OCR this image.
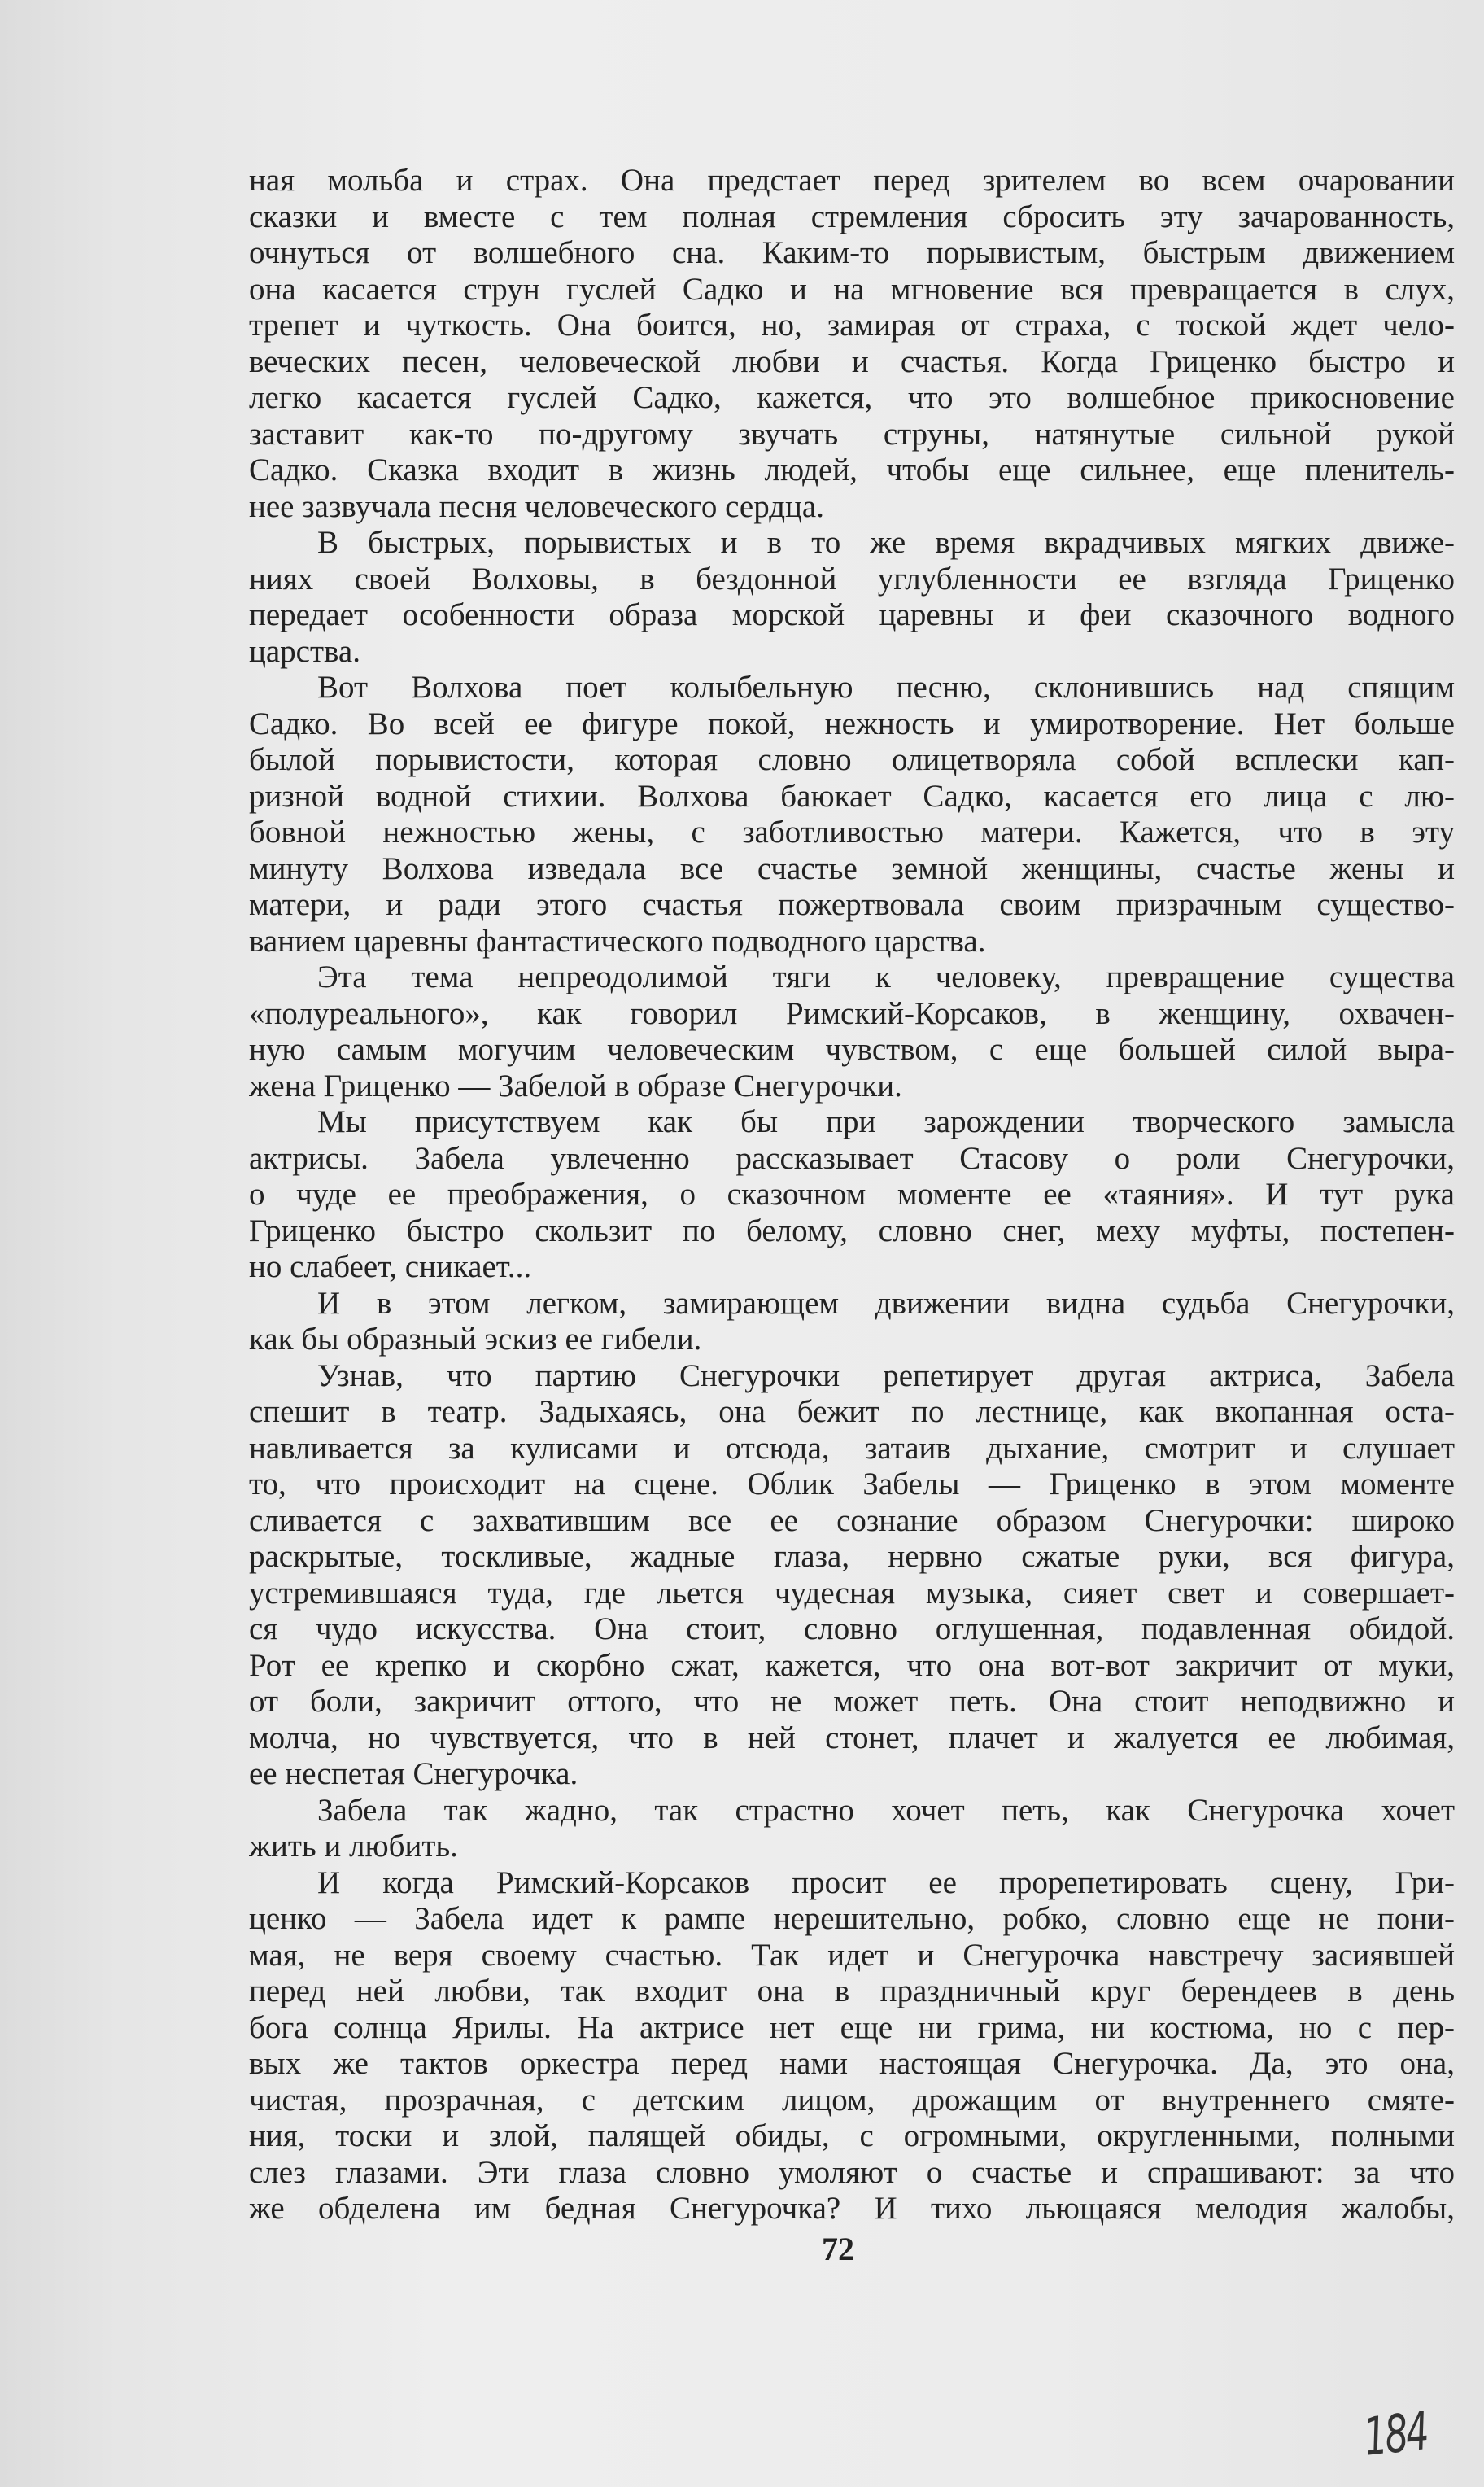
ная мольба и страх. Она предстает перед зрителем во всем очаровании
сказки и вместе с тем полная стремления сбросить эту зачарованность,
очнуться от волшебного сна. Каким-то порывистым, быстрым движением
она касается струн гуслей Садко и на мгновение вся превращается в слух,
трепет и чуткость. Она боится, но, замирая от страха, с тоской ждет чело-
веческих песен, человеческой любви и счастья. Когда Гриценко быстро и
легко касается гуслей Садко, кажется, что это волшебное прикосновение
заставит как-то по-другому звучать струны, натянутые сильной рукой
Садко. Сказка входит в жизнь людей, чтобы еще сильнее, еще пленитель-
нее зазвучала песня человеческого сердца.
В быстрых, порывистых и в то же время вкрадчивых мягких движе-
ниях своей Волховы, в бездонной углубленности ее взгляда Гриценко
передает особенности образа морской царевны и феи сказочного водного
царства.
Вот Волхова поет колыбельную песню, склонившись над спящим
Садко. Во всей ее фигуре покой, нежность и умиротворение. Нет больше
былой порывистости, которая словно олицетворяла собой всплески кап-
ризной водной стихии. Волхова баюкает Садко, касается его лица с лю-
бовной нежностью жены, с заботливостью матери. Кажется, что в эту
минуту Волхова изведала все счастье земной женщины, счастье жены и
матери, и ради этого счастья пожертвовала своим призрачным существо-
ванием царевны фантастического подводного царства.
Эта тема непреодолимой тяги к человеку, превращение существа
«полуреального», как говорил Римский-Корсаков, в женщину, охвачен-
ную самым могучим человеческим чувством, с еще большей силой выра-
жена Гриценко — Забелой в образе Снегурочки.
Мы присутствуем как бы при зарождении творческого замысла
актрисы. Забела увлеченно рассказывает Стасову о роли Снегурочки,
о чуде ее преображения, о сказочном моменте ее «таяния». И тут рука
Гриценко быстро скользит по белому, словно снег, меху муфты, постепен-
но слабеет, сникает...
И в этом легком, замирающем движении видна судьба Снегурочки,
как бы образный эскиз ее гибели.
Узнав, что партию Снегурочки репетирует другая актриса, Забела
спешит в театр. Задыхаясь, она бежит по лестнице, как вкопанная оста-
навливается за кулисами и отсюда, затаив дыхание, смотрит и слушает
то, что происходит на сцене. Облик Забелы — Гриценко в этом моменте
сливается с захватившим все ее сознание образом Снегурочки: широко
раскрытые, тоскливые, жадные глаза, нервно сжатые руки, вся фигура,
устремившаяся туда, где льется чудесная музыка, сияет свет и совершает-
ся чудо искусства. Она стоит, словно оглушенная, подавленная обидой.
Рот ее крепко и скорбно сжат, кажется, что она вот-вот закричит от муки,
от боли, закричит оттого, что не может петь. Она стоит неподвижно и
молча, но чувствуется, что в ней стонет, плачет и жалуется ее любимая,
ее неспетая Снегурочка.
Забела так жадно, так страстно хочет петь, как Снегурочка хочет
жить и любить.
И когда Римский-Корсаков просит ее прорепетировать сцену, Гри-
ценко — Забела идет к рампе нерешительно, робко, словно еще не пони-
мая, не веря своему счастью. Так идет и Снегурочка навстречу засиявшей
перед ней любви, так входит она в праздничный круг берендеев в день
бога солнца Ярилы. На актрисе нет еще ни грима, ни костюма, но с пер-
вых же тактов оркестра перед нами настоящая Снегурочка. Да, это она,
чистая, прозрачная, с детским лицом, дрожащим от внутреннего смяте-
ния, тоски и злой, палящей обиды, с огромными, округленными, полными
слез глазами. Эти глаза словно умоляют о счастье и спрашивают: за что
же обделена им бедная Снегурочка? И тихо льющаяся мелодия жалобы,
72
184
